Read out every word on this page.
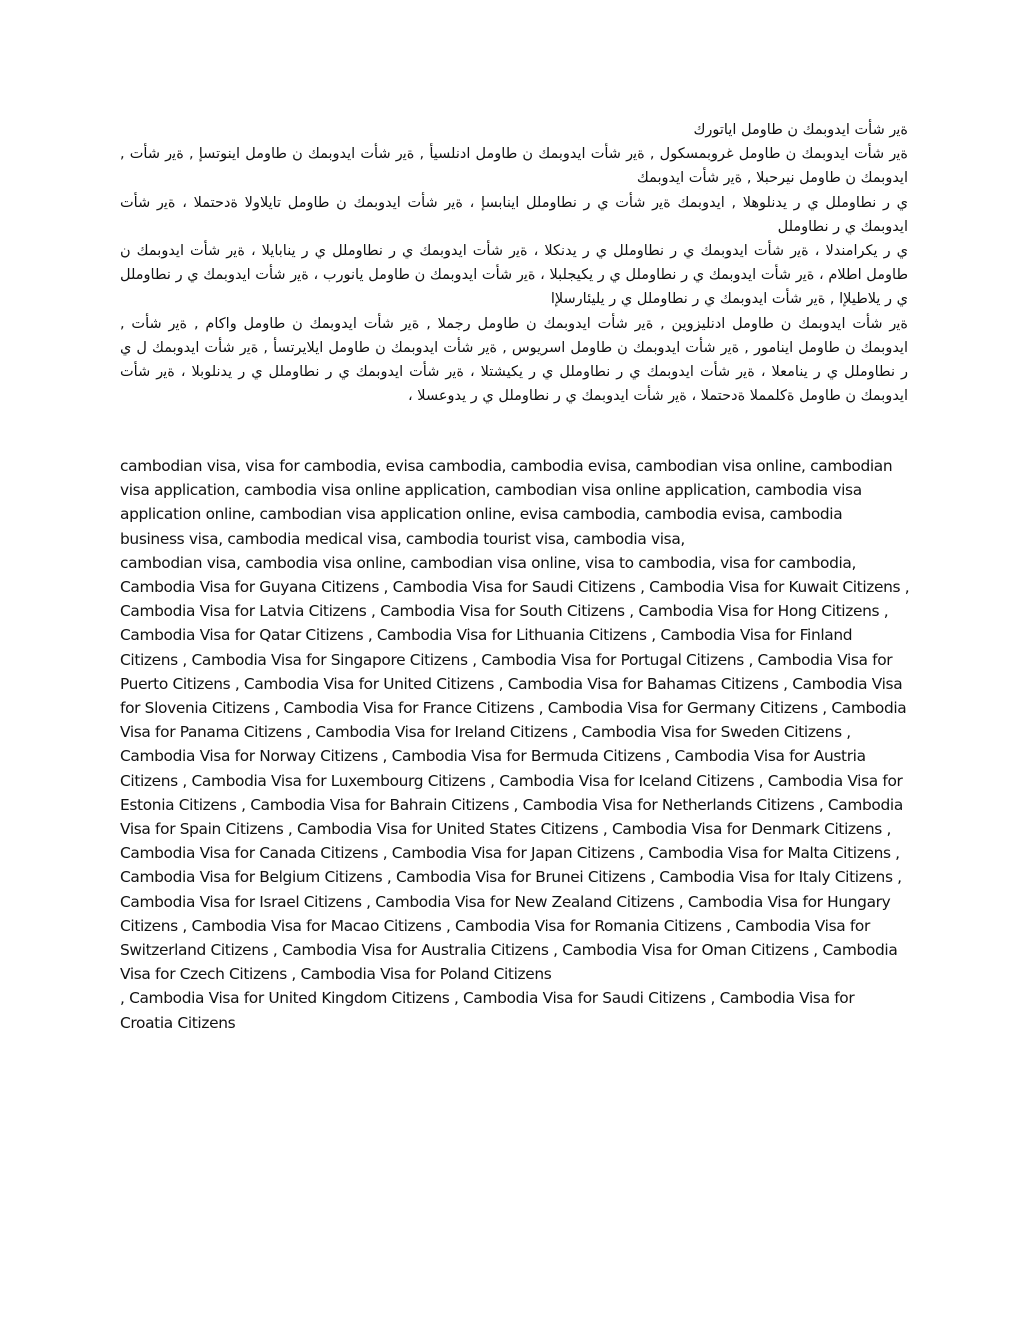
ةﻳر شأت ايدوبمك ن طاومل اياتورك

ةﻳر شأت ايدوبمك ن طاومل غروبمسكول , ةﻳر شأت ايدوبمك ن طاومل ادنلسيأ , ةﻳر شأت ايدوبمك ن طاومل اينوتسإ , ةﻳر شأت , ايدوبمك ن طاومل نيرحبلا , ةﻳر شأت ايدوبمك

ي ر نطاوملل ي ر يدنلوهلا , ايدوبمك ةﻳر شأت ي ر نطاوملل اينابسإ ، ةﻳر شأت ايدوبمك ن طاومل تايلاولا ةدحتملا ، ةﻳر شأت ايدوبمك ي ر نطاوملل

ي ر يكرامندلا ، ةﻳر شأت ايدوبمك ي ر نطاوملل ي ر يدنكلا ، ةﻳر شأت ايدوبمك ي ر نطاوملل ي ر ينابايلا ، ةﻳر شأت ايدوبمك ن طاومل اطلام ، ةﻳر شأت ايدوبمك ي ر نطاوملل ي ر يكيجلبلا ، ةﻳر شأت ايدوبمك ن طاومل يانورب ، ةﻳر شأت ايدوبمك ي ر نطاوملل ي ر يلاطيلإا , ةﻳر شأت ايدوبمك ي ر نطاوملل ي ر يليئارسلإا

ةﻳر شأت ايدوبمك ن طاومل ادنليزوين , ةﻳر شأت ايدوبمك ن طاومل رجملا , ةﻳر شأت ايدوبمك ن طاومل واكام , ةﻳر شأت , ايدوبمك ن طاومل اينامور , ةﻳر شأت ايدوبمك ن طاومل اسريوس , ةﻳر شأت ايدوبمك ن طاومل ايلايرتسأ , ةﻳر شأت ايدوبمك ل ي ر نطاوملل ي ر ينامعلا ، ةﻳر شأت ايدوبمك ي ر نطاوملل ي ر يكيشتلا ، ةﻳر شأت ايدوبمك ي ر نطاوملل ي ر يدنلوبلا ، ةﻳر شأت ايدوبمك ن طاومل ةكلمملا ةدحتملا ، ةﻳر شأت ايدوبمك ي ر نطاوملل ي ر يدوعسلا ،

cambodian visa, visa for cambodia, evisa cambodia, cambodia evisa, cambodian visa online, cambodian visa application, cambodia visa online application, cambodian visa online application, cambodia visa application online, cambodian visa application online, evisa cambodia, cambodia evisa, cambodia business visa, cambodia medical visa, cambodia tourist visa, cambodia visa,

cambodian visa, cambodia visa online, cambodian visa online, visa to cambodia, visa for cambodia, Cambodia Visa for Guyana Citizens , Cambodia Visa for Saudi Citizens , Cambodia Visa for Kuwait Citizens , Cambodia Visa for Latvia Citizens , Cambodia Visa for South Citizens , Cambodia Visa for Hong Citizens , Cambodia Visa for Qatar Citizens , Cambodia Visa for Lithuania Citizens , Cambodia Visa for Finland Citizens , Cambodia Visa for Singapore Citizens , Cambodia Visa for Portugal Citizens , Cambodia Visa for Puerto Citizens , Cambodia Visa for United Citizens , Cambodia Visa for Bahamas Citizens , Cambodia Visa for Slovenia Citizens , Cambodia Visa for France Citizens , Cambodia Visa for Germany Citizens , Cambodia Visa for Panama Citizens , Cambodia Visa for Ireland Citizens , Cambodia Visa for Sweden Citizens , Cambodia Visa for Norway Citizens , Cambodia Visa for Bermuda Citizens , Cambodia Visa for Austria Citizens , Cambodia Visa for Luxembourg Citizens , Cambodia Visa for Iceland Citizens , Cambodia Visa for Estonia Citizens , Cambodia Visa for Bahrain Citizens , Cambodia Visa for Netherlands Citizens , Cambodia Visa for Spain Citizens , Cambodia Visa for United States Citizens , Cambodia Visa for Denmark Citizens , Cambodia Visa for Canada Citizens , Cambodia Visa for Japan Citizens , Cambodia Visa for Malta Citizens , Cambodia Visa for Belgium Citizens , Cambodia Visa for Brunei Citizens , Cambodia Visa for Italy Citizens , Cambodia Visa for Israel Citizens , Cambodia Visa for New Zealand Citizens , Cambodia Visa for Hungary Citizens , Cambodia Visa for Macao Citizens , Cambodia Visa for Romania Citizens , Cambodia Visa for Switzerland Citizens , Cambodia Visa for Australia Citizens , Cambodia Visa for Oman Citizens , Cambodia Visa for Czech Citizens , Cambodia Visa for Poland Citizens

, Cambodia Visa for United Kingdom Citizens , Cambodia Visa for Saudi Citizens , Cambodia Visa for Croatia Citizens
